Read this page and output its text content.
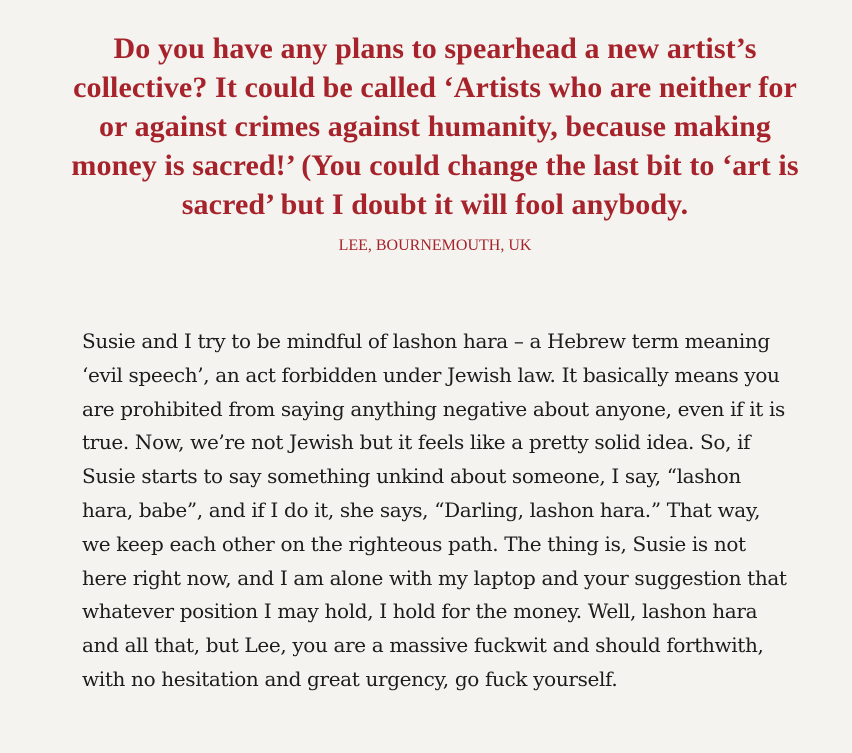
Do you have any plans to spearhead a new artist’s collective? It could be called ‘Artists who are neither for or against crimes against humanity, because making money is sacred!’ (You could change the last bit to ‘art is sacred’ but I doubt it will fool anybody.

LEE, BOURNEMOUTH, UK

Susie and I try to be mindful of lashon hara – a Hebrew term meaning ‘evil speech’, an act forbidden under Jewish law. It basically means you are prohibited from saying anything negative about anyone, even if it is true. Now, we’re not Jewish but it feels like a pretty solid idea. So, if Susie starts to say something unkind about someone, I say, “lashon hara, babe”, and if I do it, she says, “Darling, lashon hara.” That way, we keep each other on the righteous path. The thing is, Susie is not here right now, and I am alone with my laptop and your suggestion that whatever position I may hold, I hold for the money. Well, lashon hara and all that, but Lee, you are a massive fuckwit and should forthwith, with no hesitation and great urgency, go fuck yourself.
